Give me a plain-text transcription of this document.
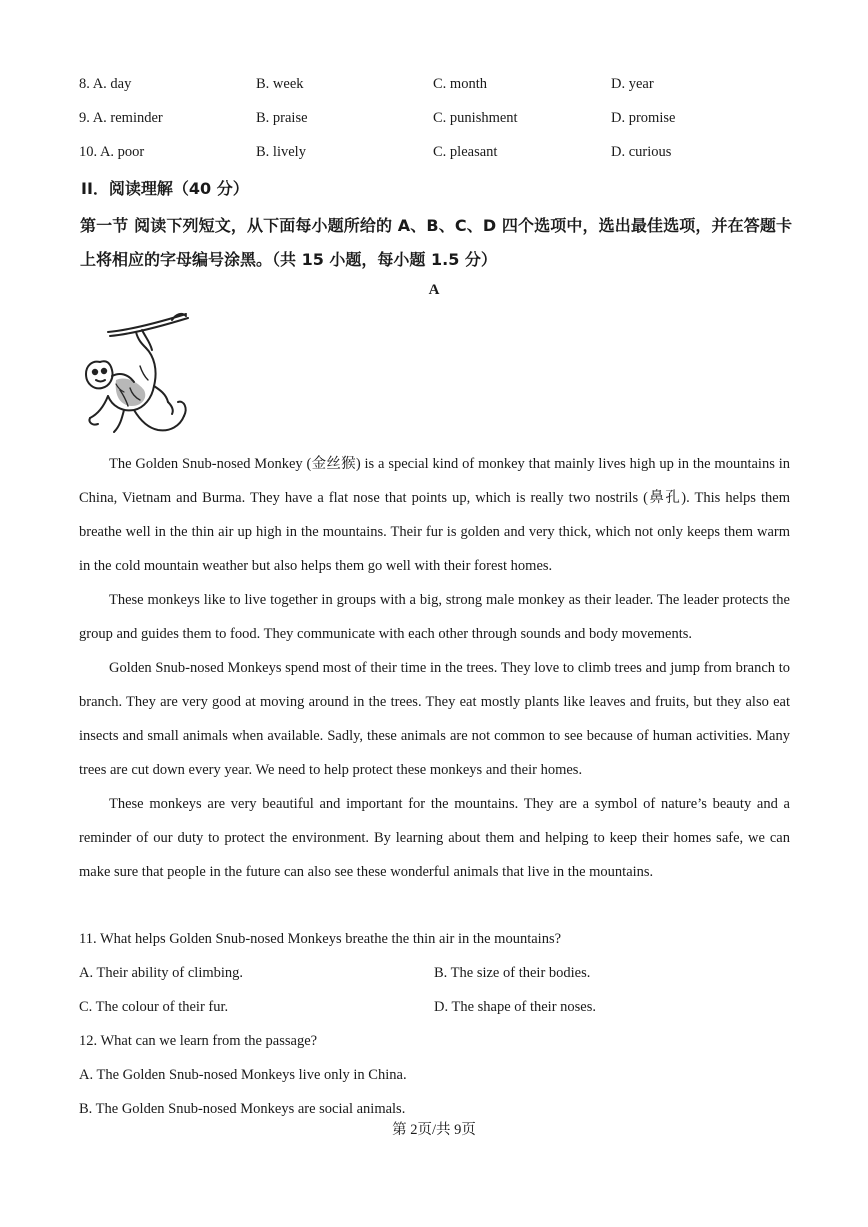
8. A. day	B. week	C. month	D. year
9. A. reminder	B. praise	C. punishment	D. promise
10. A. poor	B. lively	C. pleasant	D. curious
II．阅读理解（40 分）
第一节 阅读下列短文，从下面每小题所给的 A、B、C、D 四个选项中，选出最佳选项，并在答题卡上将相应的字母编号涂黑。（共 15 小题，每小题 1.5 分）
A

The Golden Snub-nosed Monkey (金丝猴) is a special kind of monkey that mainly lives high up in the mountains in China, Vietnam and Burma. They have a flat nose that points up, which is really two nostrils (鼻孔). This helps them breathe well in the thin air up high in the mountains. Their fur is golden and very thick, which not only keeps them warm in the cold mountain weather but also helps them go well with their forest homes.

These monkeys like to live together in groups with a big, strong male monkey as their leader. The leader protects the group and guides them to food. They communicate with each other through sounds and body movements.

Golden Snub-nosed Monkeys spend most of their time in the trees. They love to climb trees and jump from branch to branch. They are very good at moving around in the trees. They eat mostly plants like leaves and fruits, but they also eat insects and small animals when available. Sadly, these animals are not common to see because of human activities. Many trees are cut down every year. We need to help protect these monkeys and their homes.

These monkeys are very beautiful and important for the mountains. They are a symbol of nature’s beauty and a reminder of our duty to protect the environment. By learning about them and helping to keep their homes safe, we can make sure that people in the future can also see these wonderful animals that live in the mountains.

11. What helps Golden Snub-nosed Monkeys breathe the thin air in the mountains?
A. Their ability of climbing.	B. The size of their bodies.
C. The colour of their fur.	D. The shape of their noses.
12. What can we learn from the passage?
A. The Golden Snub-nosed Monkeys live only in China.
B. The Golden Snub-nosed Monkeys are social animals.
第 2页/共 9页
